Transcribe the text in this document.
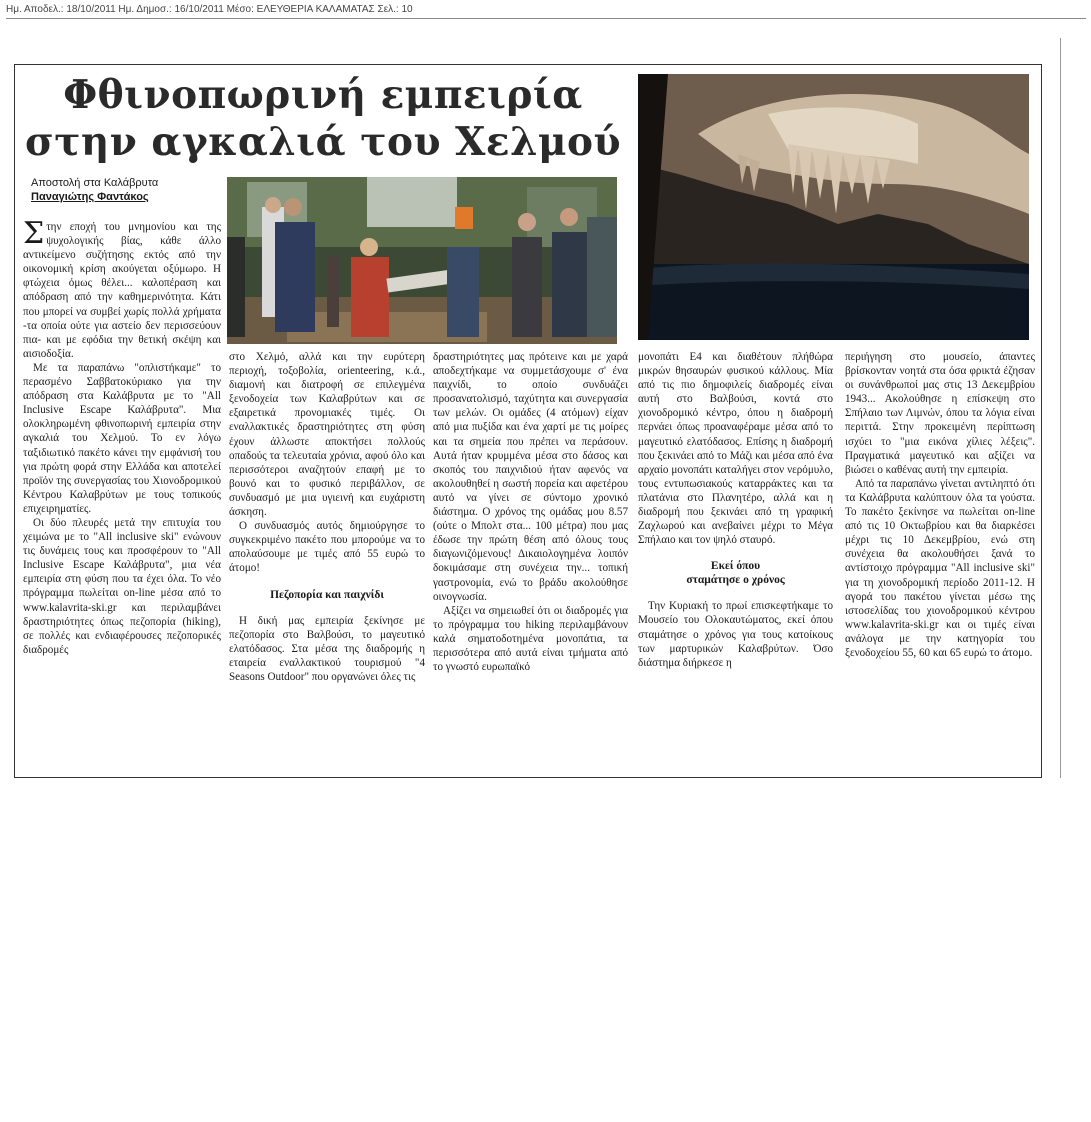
Ημ. Αποδελ.: 18/10/2011 Ημ. Δημοσ.: 16/10/2011 Μέσο: ΕΛΕΥΘΕΡΙΑ ΚΑΛΑΜΑΤΑΣ Σελ.: 10
Φθινοπωρινή εμπειρία
στην αγκαλιά του Χελμού
Αποστολή στα Καλάβρυτα
Παναγιώτης Φαντάκος

Στην εποχή του μνημονίου και της ψυχολογικής βίας, κάθε άλλο αντικείμενο συζήτησης εκτός από την οικονομική κρίση ακούγεται οξύμωρο. Η φτώχεια όμως θέλει... καλοπέραση και απόδραση από την καθημερινότητα. Κάτι που μπορεί να συμβεί χωρίς πολλά χρήματα -τα οποία ούτε για αστείο δεν περισσεύουν πια- και με εφόδια την θετική σκέψη και αισιοδοξία.

Με τα παραπάνω "οπλιστήκαμε" το περασμένο Σαββατοκύριακο για την απόδραση στα Καλάβρυτα με το "All Inclusive Escape Καλάβρυτα". Μια ολοκληρωμένη φθινοπωρινή εμπειρία στην αγκαλιά του Χελμού. Το εν λόγω ταξιδιωτικό πακέτο κάνει την εμφάνισή του για πρώτη φορά στην Ελλάδα και αποτελεί προϊόν της συνεργασίας του Χιονοδρομικού Κέντρου Καλαβρύτων με τους τοπικούς επιχειρηματίες.

Οι δύο πλευρές μετά την επιτυχία του χειμώνα με το "All inclusive ski" ενώνουν τις δυνάμεις τους και προσφέρουν το "All Inclusive Escape Καλάβρυτα", μια νέα εμπειρία στη φύση που τα έχει όλα. Το νέο πρόγραμμα πωλείται on-line μέσα από το www.kalavrita-ski.gr και περιλαμβάνει δραστηριότητες όπως πεζοπορία (hiking), σε πολλές και ενδιαφέρουσες πεζοπορικές διαδρομές

στο Χελμό, αλλά και την ευρύτερη περιοχή, τοξοβολία, orienteering, κ.ά., διαμονή και διατροφή σε επιλεγμένα ξενοδοχεία των Καλαβρύτων και σε εξαιρετικά προνομιακές τιμές. Οι εναλλακτικές δραστηριότητες στη φύση έχουν άλλωστε αποκτήσει πολλούς οπαδούς τα τελευταία χρόνια, αφού όλο και περισσότεροι αναζητούν επαφή με το βουνό και το φυσικό περιβάλλον, σε συνδυασμό με μια υγιεινή και ευχάριστη άσκηση.

Ο συνδυασμός αυτός δημιούργησε το συγκεκριμένο πακέτο που μπορούμε να το απολαύσουμε με τιμές από 55 ευρώ το άτομο!

Πεζοπορία και παιχνίδι

Η δική μας εμπειρία ξεκίνησε με πεζοπορία στο Βαλβούσι, το μαγευτικό ελατόδασος. Στα μέσα της διαδρομής η εταιρεία εναλλακτικού τουρισμού "4 Seasons Outdoor" που οργανώνει όλες τις

δραστηριότητες μας πρότεινε και με χαρά αποδεχτήκαμε να συμμετάσχουμε σ' ένα παιχνίδι, το οποίο συνδυάζει προσανατολισμό, ταχύτητα και συνεργασία των μελών. Οι ομάδες (4 ατόμων) είχαν από μια πυξίδα και ένα χαρτί με τις μοίρες και τα σημεία που πρέπει να περάσουν. Αυτά ήταν κρυμμένα μέσα στο δάσος και σκοπός του παιχνιδιού ήταν αφενός να ακολουθηθεί η σωστή πορεία και αφετέρου αυτό να γίνει σε σύντομο χρονικό διάστημα. Ο χρόνος της ομάδας μου 8.57 (ούτε ο Μπολτ στα... 100 μέτρα) που μας έδωσε την πρώτη θέση από όλους τους διαγωνιζόμενους! Δικαιολογημένα λοιπόν δοκιμάσαμε στη συνέχεια την... τοπική γαστρονομία, ενώ το βράδυ ακολούθησε οινογνωσία.

Αξίζει να σημειωθεί ότι οι διαδρομές για το πρόγραμμα του hiking περιλαμβάνουν καλά σηματοδοτημένα μονοπάτια, τα περισσότερα από αυτά είναι τμήματα από το γνωστό ευρωπαϊκό

μονοπάτι Ε4 και διαθέτουν πλήθώρα μικρών θησαυρών φυσικού κάλλους. Μία από τις πιο δημοφιλείς διαδρομές είναι αυτή στο Βαλβούσι, κοντά στο χιονοδρομικό κέντρο, όπου η διαδρομή περνάει όπως προαναφέραμε μέσα από το μαγευτικό ελατόδασος. Επίσης η διαδρομή που ξεκινάει από το Μάζι και μέσα από ένα αρχαίο μονοπάτι καταλήγει στον νερόμυλο, τους εντυπωσιακούς καταρράκτες και τα πλατάνια στο Πλανητέρο, αλλά και η διαδρομή που ξεκινάει από τη γραφική Ζαχλωρού και ανεβαίνει μέχρι το Μέγα Σπήλαιο και τον ψηλό σταυρό.

Εκεί όπου
σταμάτησε ο χρόνος

Την Κυριακή το πρωί επισκεφτήκαμε το Μουσείο του Ολοκαυτώματος, εκεί όπου σταμάτησε ο χρόνος για τους κατοίκους των μαρτυρικών Καλαβρύτων. Όσο διάστημα διήρκεσε η

περιήγηση στο μουσείο, άπαντες βρίσκονταν νοητά στα όσα φρικτά έζησαν οι συνάνθρωποί μας στις 13 Δεκεμβρίου 1943... Ακολούθησε η επίσκεψη στο Σπήλαιο των Λιμνών, όπου τα λόγια είναι περιττά. Στην προκειμένη περίπτωση ισχύει το "μια εικόνα χίλιες λέξεις". Πραγματικά μαγευτικό και αξίζει να βιώσει ο καθένας αυτή την εμπειρία.

Από τα παραπάνω γίνεται αντιληπτό ότι τα Καλάβρυτα καλύπτουν όλα τα γούστα. Το πακέτο ξεκίνησε να πωλείται on-line από τις 10 Οκτωβρίου και θα διαρκέσει μέχρι τις 10 Δεκεμβρίου, ενώ στη συνέχεια θα ακολουθήσει ξανά το αντίστοιχο πρόγραμμα "All inclusive ski" για τη χιονοδρομική περίοδο 2011-12. Η αγορά του πακέτου γίνεται μέσω της ιστοσελίδας του χιονοδρομικού κέντρου www.kalavrita-ski.gr και οι τιμές είναι ανάλογα με την κατηγορία του ξενοδοχείου 55, 60 και 65 ευρώ το άτομο.
